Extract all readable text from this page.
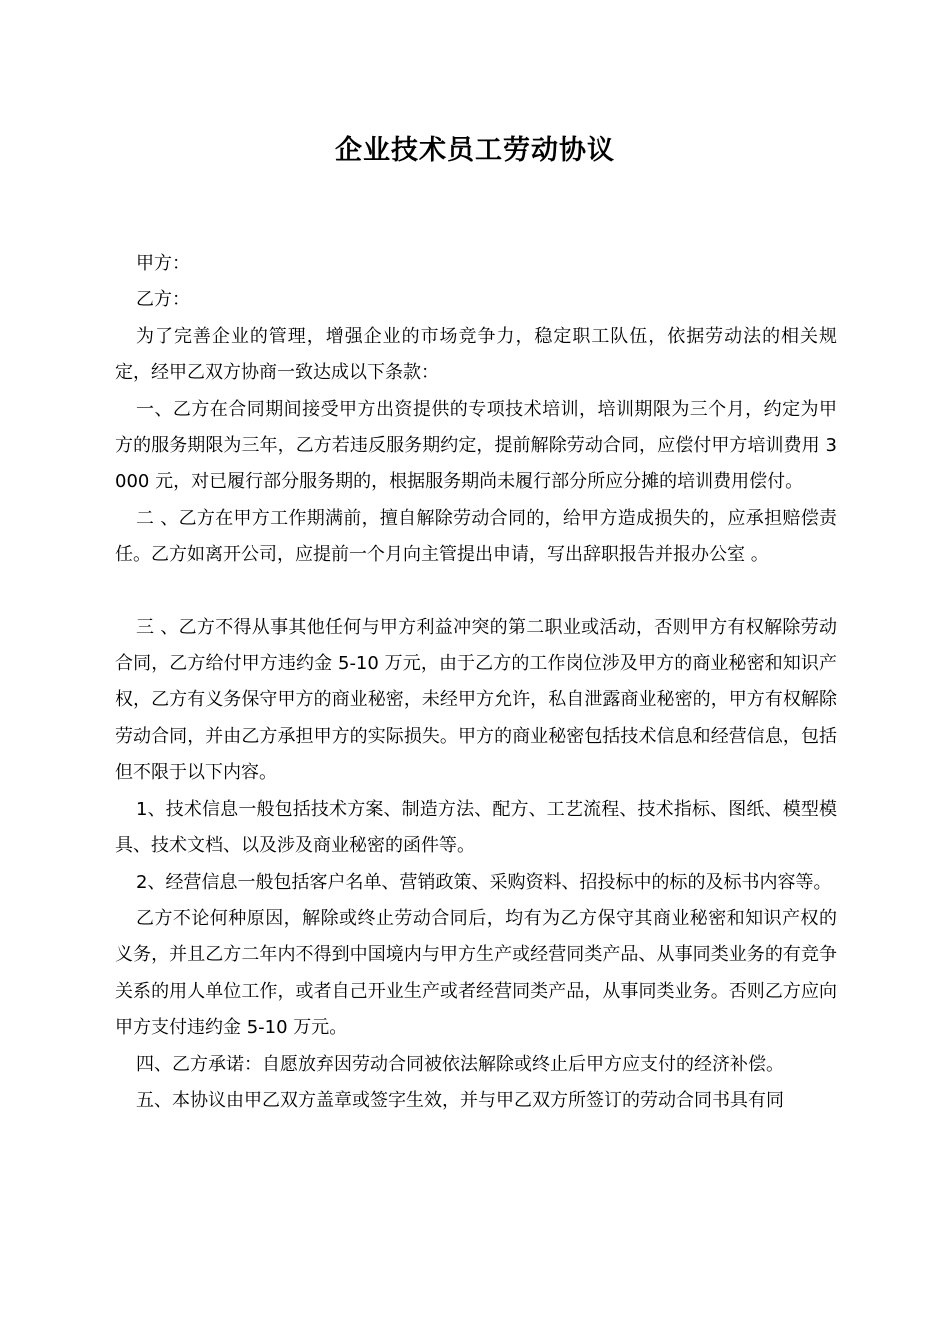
企业技术员工劳动协议

甲方：

乙方：

为了完善企业的管理，增强企业的市场竞争力，稳定职工队伍，依据劳动法的相关规定，经甲乙双方协商一致达成以下条款：

一、乙方在合同期间接受甲方出资提供的专项技术培训，培训期限为三个月，约定为甲方的服务期限为三年，乙方若违反服务期约定，提前解除劳动合同，应偿付甲方培训费用 3000 元，对已履行部分服务期的，根据服务期尚未履行部分所应分摊的培训费用偿付。

二 、乙方在甲方工作期满前，擅自解除劳动合同的，给甲方造成损失的，应承担赔偿责任。乙方如离开公司，应提前一个月向主管提出申请，写出辞职报告并报办公室 。

三 、乙方不得从事其他任何与甲方利益冲突的第二职业或活动，否则甲方有权解除劳动合同，乙方给付甲方违约金 5-10 万元，由于乙方的工作岗位涉及甲方的商业秘密和知识产权，乙方有义务保守甲方的商业秘密，未经甲方允许，私自泄露商业秘密的，甲方有权解除劳动合同，并由乙方承担甲方的实际损失。甲方的商业秘密包括技术信息和经营信息，包括但不限于以下内容。

1、技术信息一般包括技术方案、制造方法、配方、工艺流程、技术指标、图纸、模型模具、技术文档、以及涉及商业秘密的函件等。

2、经营信息一般包括客户名单、营销政策、采购资料、招投标中的标的及标书内容等。

乙方不论何种原因，解除或终止劳动合同后，均有为乙方保守其商业秘密和知识产权的义务，并且乙方二年内不得到中国境内与甲方生产或经营同类产品、从事同类业务的有竞争关系的用人单位工作，或者自己开业生产或者经营同类产品，从事同类业务。否则乙方应向甲方支付违约金 5-10 万元。

四、乙方承诺：自愿放弃因劳动合同被依法解除或终止后甲方应支付的经济补偿。

五、本协议由甲乙双方盖章或签字生效，并与甲乙双方所签订的劳动合同书具有同
